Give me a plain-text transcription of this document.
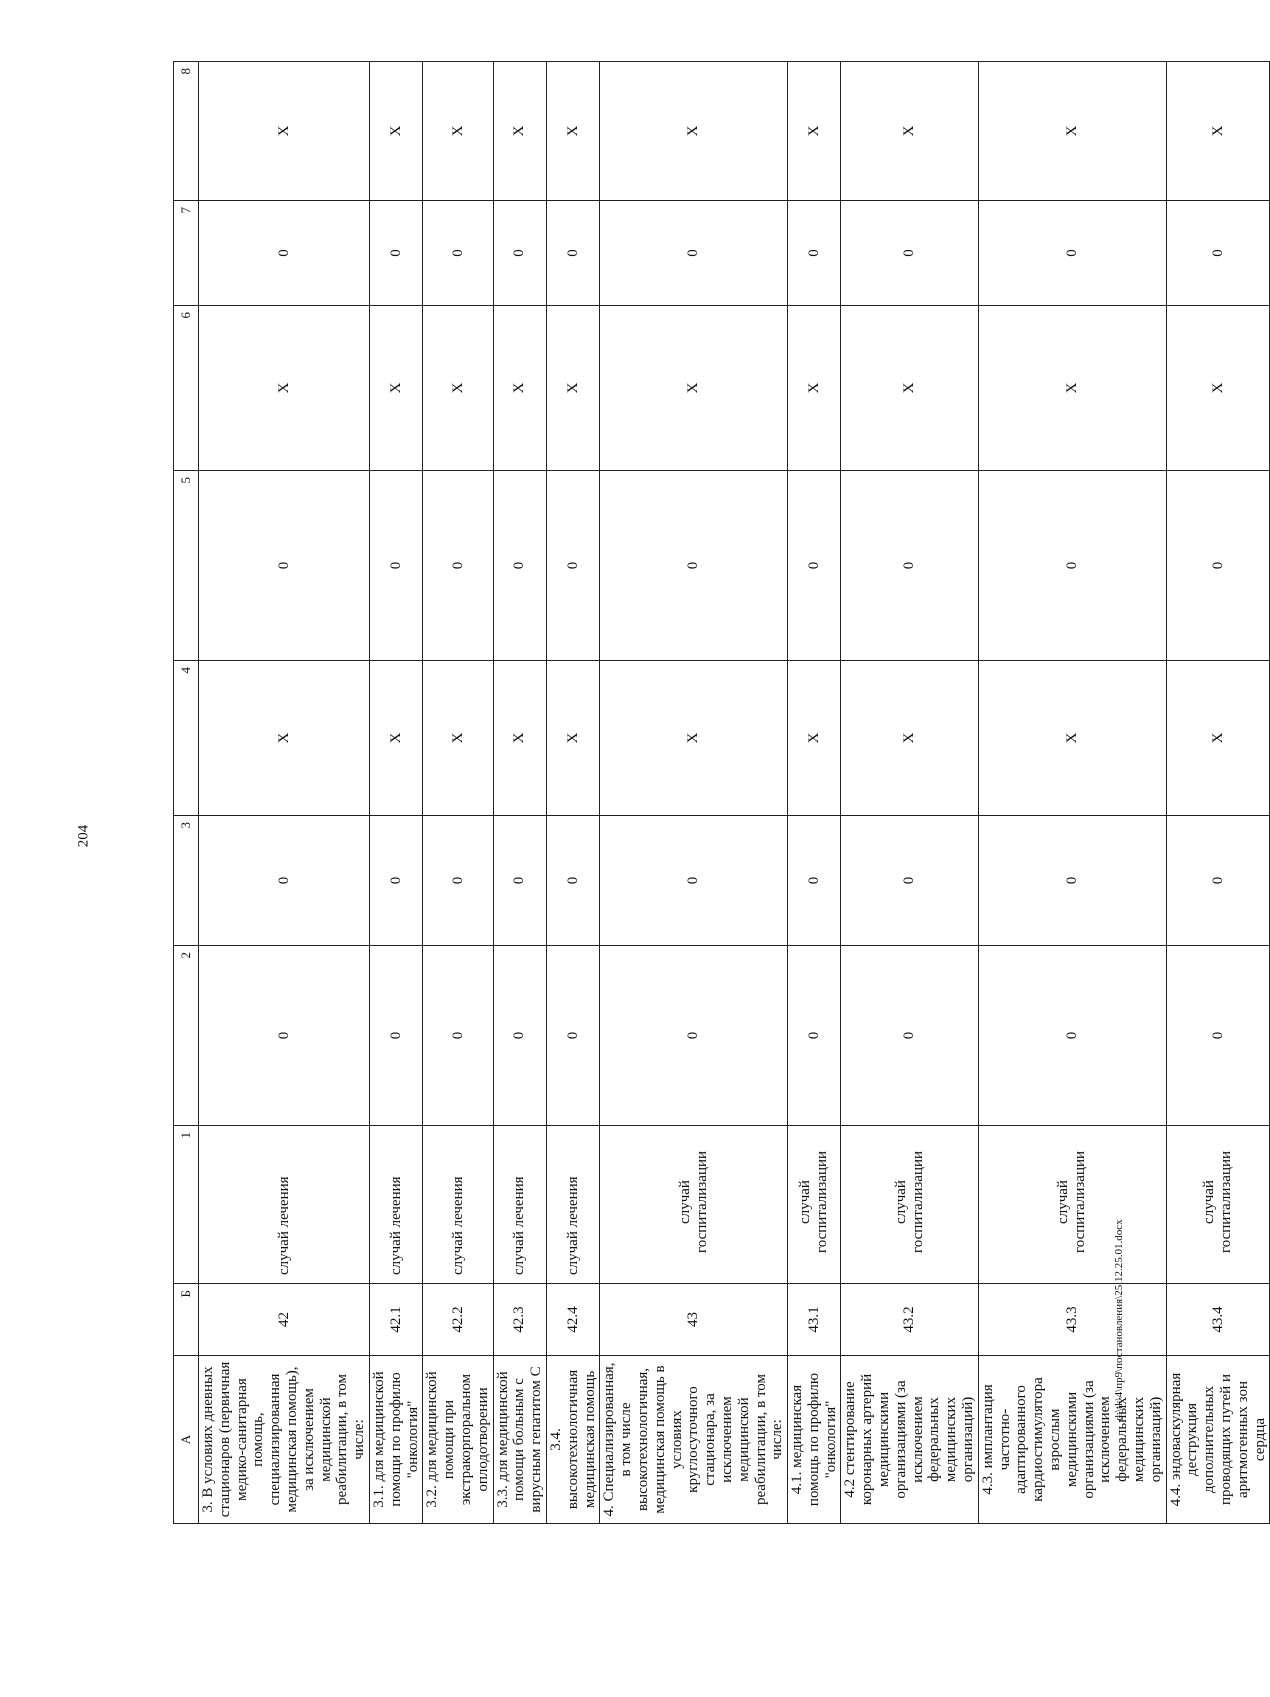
204
А	Б	1	2	3	4	5	6	7	8
3. В условиях дневных стационаров (первичная медико-санитарная помощь, специализированная медицинская помощь), за исключением медицинской реабилитации, в том числе:	42	случай лечения	0	0	Х	0	Х	0	Х
3.1. для медицинской помощи по профилю "онкология"	42.1	случай лечения	0	0	Х	0	Х	0	Х
3.2. для медицинской помощи при экстракорпоральном оплодотворении	42.2	случай лечения	0	0	Х	0	Х	0	Х
3.3. для медицинской помощи больным с вирусным гепатитом С	42.3	случай лечения	0	0	Х	0	Х	0	Х
3.4. высокотехнологичная медицинская помощь	42.4	случай лечения	0	0	Х	0	Х	0	Х
4. Специализированная, в том числе высокотехнологичная, медицинская помощь в условиях круглосуточного стационара, за исключением медицинской реабилитации, в том числе:	43	случай госпитализации	0	0	Х	0	Х	0	Х
4.1. медицинская помощь по профилю "онкология"	43.1	случай госпитализации	0	0	Х	0	Х	0	Х
4.2 стентирование коронарных артерий медицинскими организациями (за исключением федеральных медицинских организаций)	43.2	случай госпитализации	0	0	Х	0	Х	0	Х
4.3. имплантация частотно-адаптированного кардиостимулятора взрослым медицинскими организациями (за исключением федеральных медицинских организаций)	43.3	случай госпитализации	0	0	Х	0	Х	0	Х
4.4. эндоваскулярная деструкция дополнительных проводящих путей и аритмогенных зон сердца	43.4	случай госпитализации	0	0	Х	0	Х	0	Х
d:\tk\4\пр9\постановления\25.12.25.01.docx
